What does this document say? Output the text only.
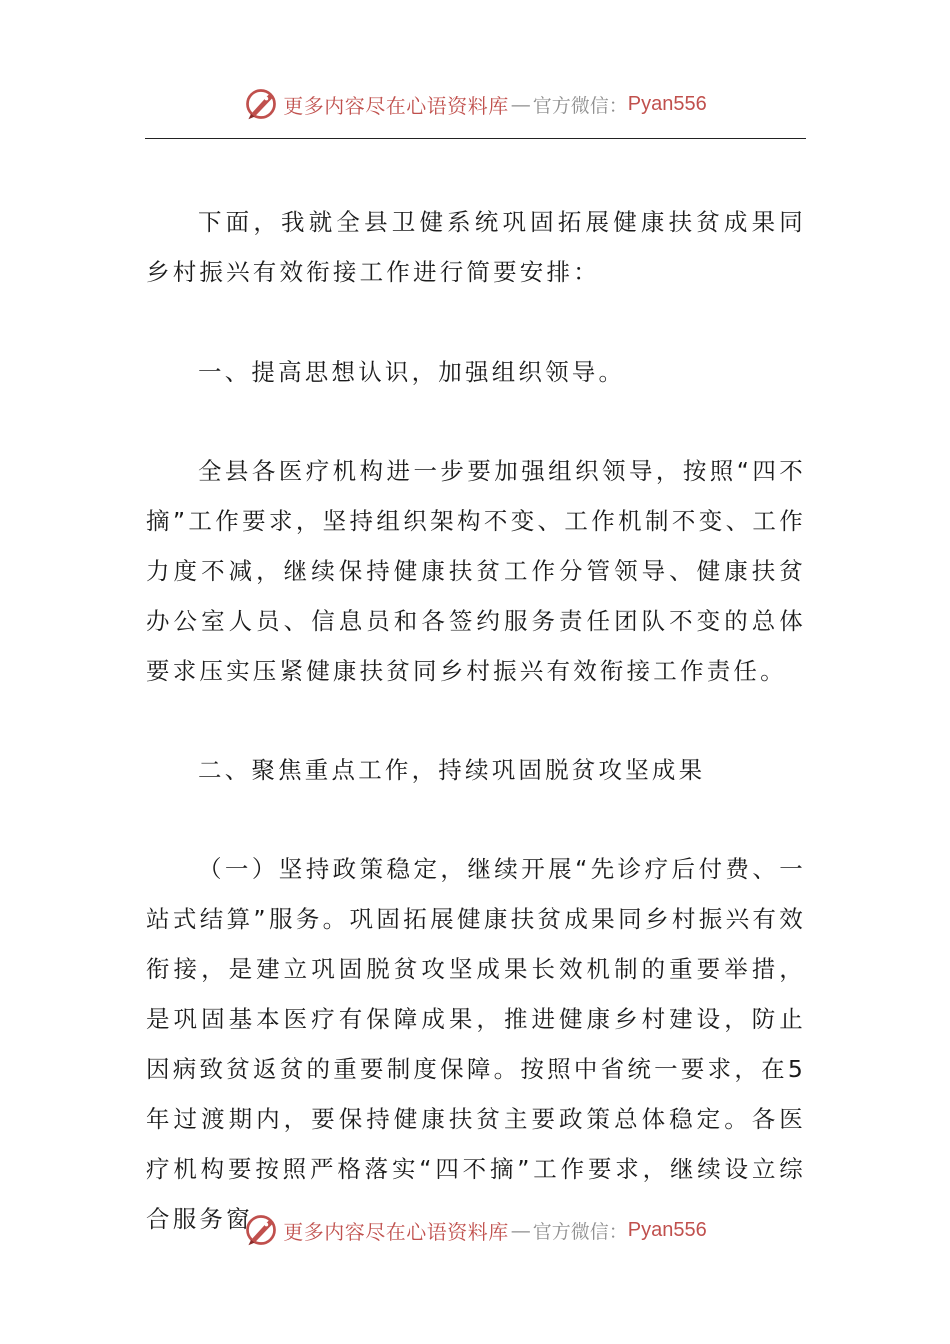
更多内容尽在心语资料库 — 官方微信： Pyan556

下面，我就全县卫健系统巩固拓展健康扶贫成果同乡村振兴有效衔接工作进行简要安排：

一、提高思想认识，加强组织领导。

全县各医疗机构进一步要加强组织领导，按照“四不摘”工作要求，坚持组织架构不变、工作机制不变、工作力度不减，继续保持健康扶贫工作分管领导、健康扶贫办公室人员、信息员和各签约服务责任团队不变的总体要求压实压紧健康扶贫同乡村振兴有效衔接工作责任。

二、聚焦重点工作，持续巩固脱贫攻坚成果

（一）坚持政策稳定，继续开展“先诊疗后付费、一站式结算”服务。巩固拓展健康扶贫成果同乡村振兴有效衔接，是建立巩固脱贫攻坚成果长效机制的重要举措，是巩固基本医疗有保障成果，推进健康乡村建设，防止因病致贫返贫的重要制度保障。按照中省统一要求，在5年过渡期内，要保持健康扶贫主要政策总体稳定。各医疗机构要按照严格落实“四不摘”工作要求，继续设立综合服务窗	更多内容尽在心语资料库 — 官方微信： Pyan556
